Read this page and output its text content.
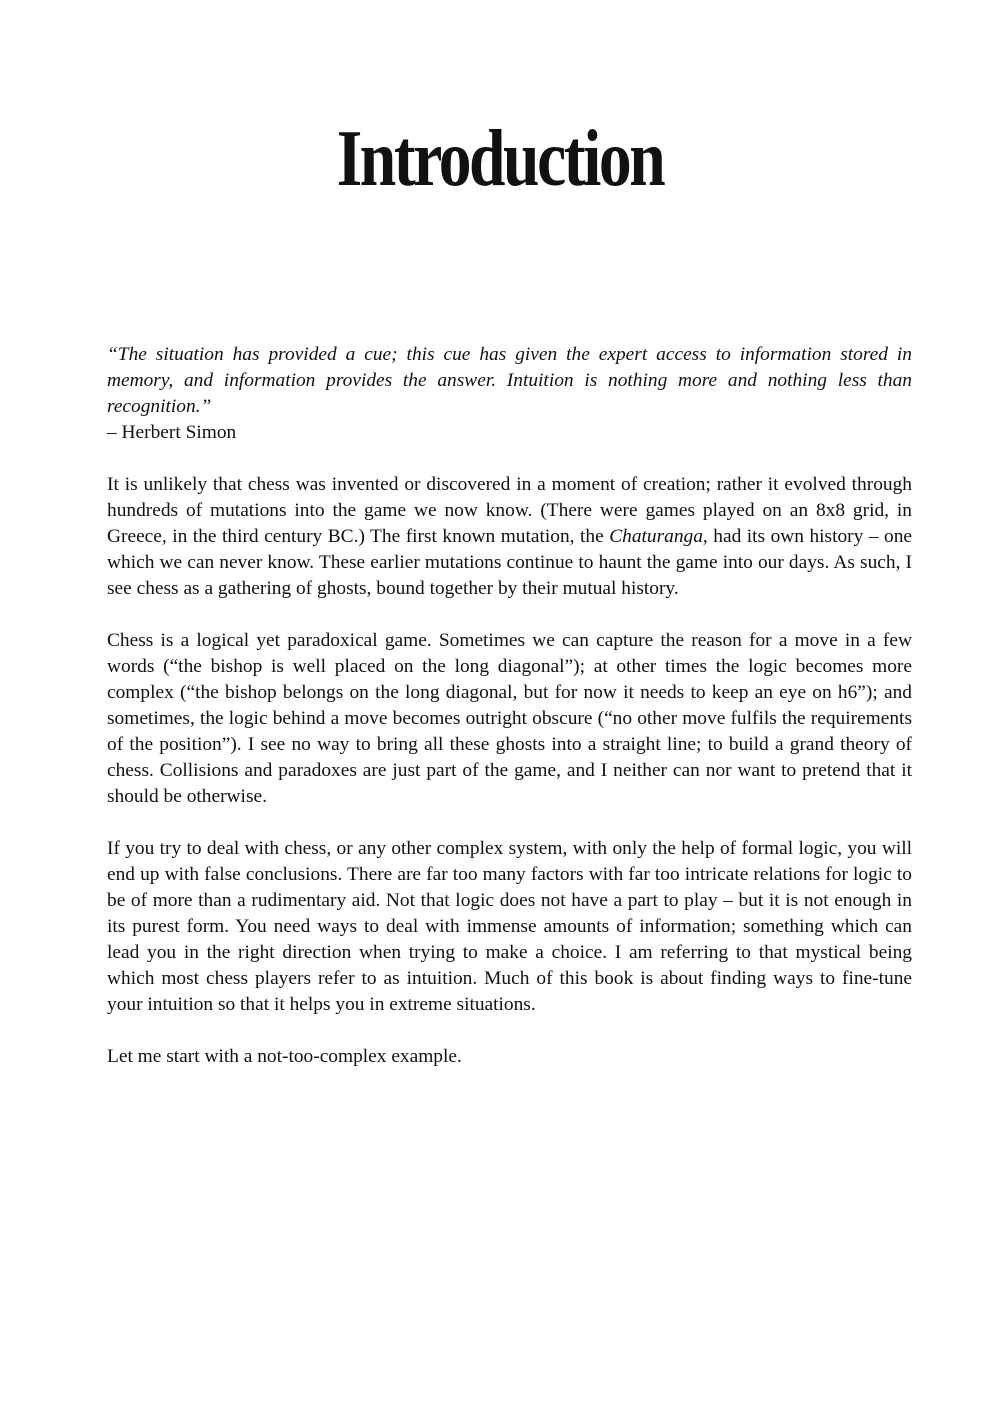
Introduction
“The situation has provided a cue; this cue has given the expert access to information stored in memory, and information provides the answer. Intuition is nothing more and nothing less than recognition.”
– Herbert Simon

It is unlikely that chess was invented or discovered in a moment of creation; rather it evolved through hundreds of mutations into the game we now know. (There were games played on an 8x8 grid, in Greece, in the third century BC.) The first known mutation, the Chaturanga, had its own history – one which we can never know. These earlier mutations continue to haunt the game into our days. As such, I see chess as a gathering of ghosts, bound together by their mutual history.

Chess is a logical yet paradoxical game. Sometimes we can capture the reason for a move in a few words (“the bishop is well placed on the long diagonal”); at other times the logic becomes more complex (“the bishop belongs on the long diagonal, but for now it needs to keep an eye on h6”); and sometimes, the logic behind a move becomes outright obscure (“no other move fulfils the requirements of the position”). I see no way to bring all these ghosts into a straight line; to build a grand theory of chess. Collisions and paradoxes are just part of the game, and I neither can nor want to pretend that it should be otherwise.

If you try to deal with chess, or any other complex system, with only the help of formal logic, you will end up with false conclusions. There are far too many factors with far too intricate relations for logic to be of more than a rudimentary aid. Not that logic does not have a part to play – but it is not enough in its purest form. You need ways to deal with immense amounts of information; something which can lead you in the right direction when trying to make a choice. I am referring to that mystical being which most chess players refer to as intuition. Much of this book is about finding ways to fine-tune your intuition so that it helps you in extreme situations.

Let me start with a not-too-complex example.
